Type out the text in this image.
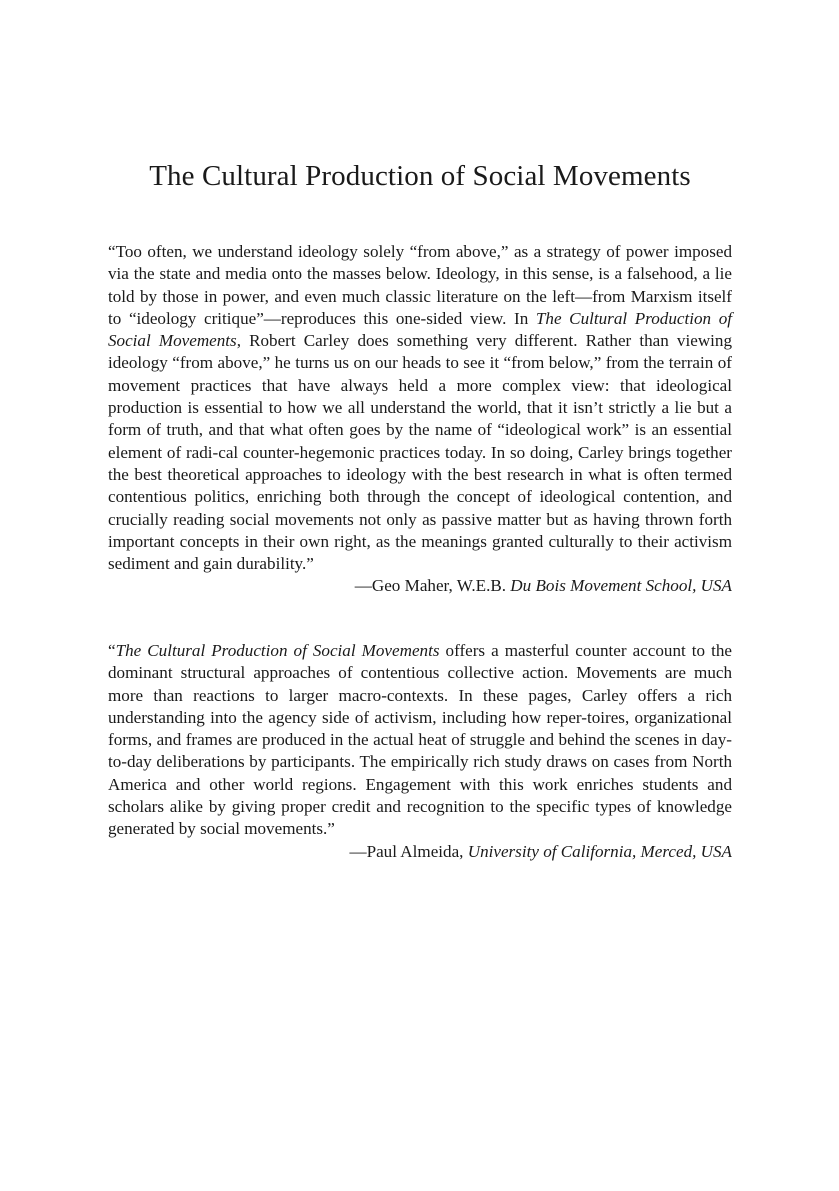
The Cultural Production of Social Movements

“Too often, we understand ideology solely “from above,” as a strategy of power imposed via the state and media onto the masses below. Ideology, in this sense, is a falsehood, a lie told by those in power, and even much classic literature on the left—from Marxism itself to “ideology critique”—reproduces this one-sided view. In The Cultural Production of Social Movements, Robert Carley does something very different. Rather than viewing ideology “from above,” he turns us on our heads to see it “from below,” from the terrain of movement practices that have always held a more complex view: that ideological production is essential to how we all understand the world, that it isn’t strictly a lie but a form of truth, and that what often goes by the name of “ideological work” is an essential element of radi-cal counter-hegemonic practices today. In so doing, Carley brings together the best theoretical approaches to ideology with the best research in what is often termed contentious politics, enriching both through the concept of ideological contention, and crucially reading social movements not only as passive matter but as having thrown forth important concepts in their own right, as the meanings granted culturally to their activism sediment and gain durability.”

—Geo Maher, W.E.B. Du Bois Movement School, USA

“The Cultural Production of Social Movements offers a masterful counter account to the dominant structural approaches of contentious collective action. Movements are much more than reactions to larger macro-contexts. In these pages, Carley offers a rich understanding into the agency side of activism, including how reper-toires, organizational forms, and frames are produced in the actual heat of struggle and behind the scenes in day-to-day deliberations by participants. The empirically rich study draws on cases from North America and other world regions. Engagement with this work enriches students and scholars alike by giving proper credit and recognition to the specific types of knowledge generated by social movements.”

—Paul Almeida, University of California, Merced, USA
